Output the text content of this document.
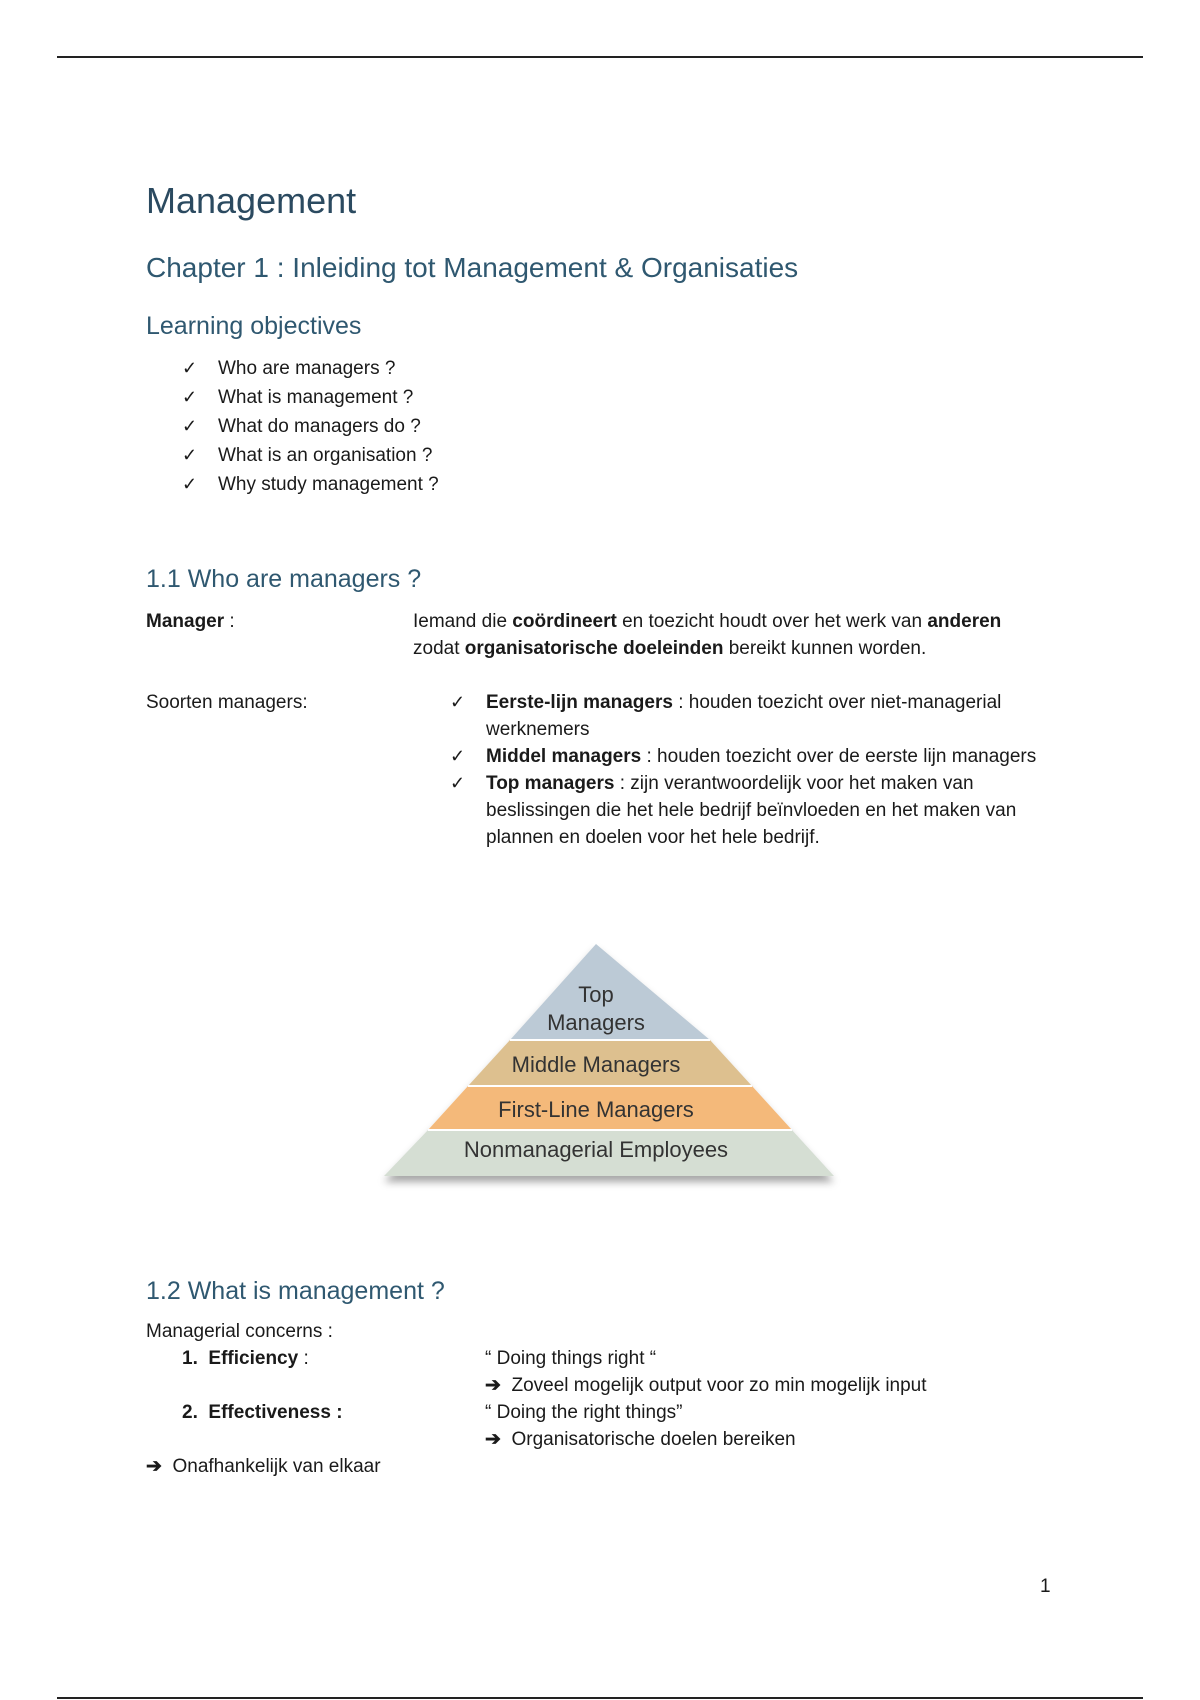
Management
Chapter 1 : Inleiding tot Management & Organisaties
Learning objectives
✓ Who are managers ?
✓ What is management ?
✓ What do managers do ?
✓ What is an organisation ?
✓ Why study management ?
1.1 Who are managers ?
Manager :	Iemand die coördineert en toezicht houdt over het werk van anderen zodat organisatorische doeleinden bereikt kunnen worden.
Soorten managers:	✓ Eerste-lijn managers : houden toezicht over niet-managerial werknemers
✓ Middel managers : houden toezicht over de eerste lijn managers
✓ Top managers : zijn verantwoordelijk voor het maken van beslissingen die het hele bedrijf beïnvloeden en het maken van plannen en doelen voor het hele bedrijf.
Top
Managers
Middle Managers
First-Line Managers
Nonmanagerial Employees
1.2 What is management ?
Managerial concerns :
1. Efficiency :	“ Doing things right “
➔ Zoveel mogelijk output voor zo min mogelijk input
2. Effectiveness :	“ Doing the right things”
➔ Organisatorische doelen bereiken
➔ Onafhankelijk van elkaar
1
